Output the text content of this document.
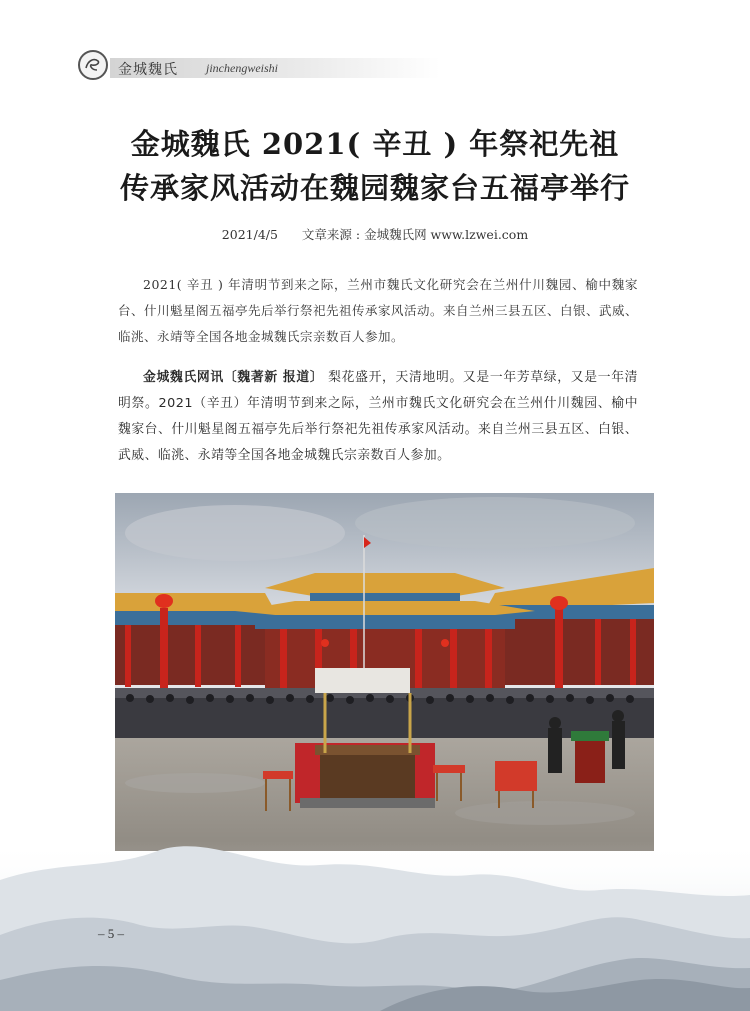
金城魏氏 jinchengweishi
金城魏氏 2021( 辛丑 ) 年祭祀先祖
传承家风活动在魏园魏家台五福亭举行
2021/4/5 文章来源 : 金城魏氏网 www.lzwei.com
2021( 辛丑 ) 年清明节到来之际，兰州市魏氏文化研究会在兰州什川魏园、榆中魏家台、什川魁星阁五福亭先后举行祭祀先祖传承家风活动。来自兰州三县五区、白银、武威、临洮、永靖等全国各地金城魏氏宗亲数百人参加。
金城魏氏网讯〔魏著新 报道〕 梨花盛开，天清地明。又是一年芳草绿，又是一年清明祭。2021（辛丑）年清明节到来之际，兰州市魏氏文化研究会在兰州什川魏园、榆中魏家台、什川魁星阁五福亭先后举行祭祀先祖传承家风活动。来自兰州三县五区、白银、武威、临洮、永靖等全国各地金城魏氏宗亲数百人参加。
– 5 –
